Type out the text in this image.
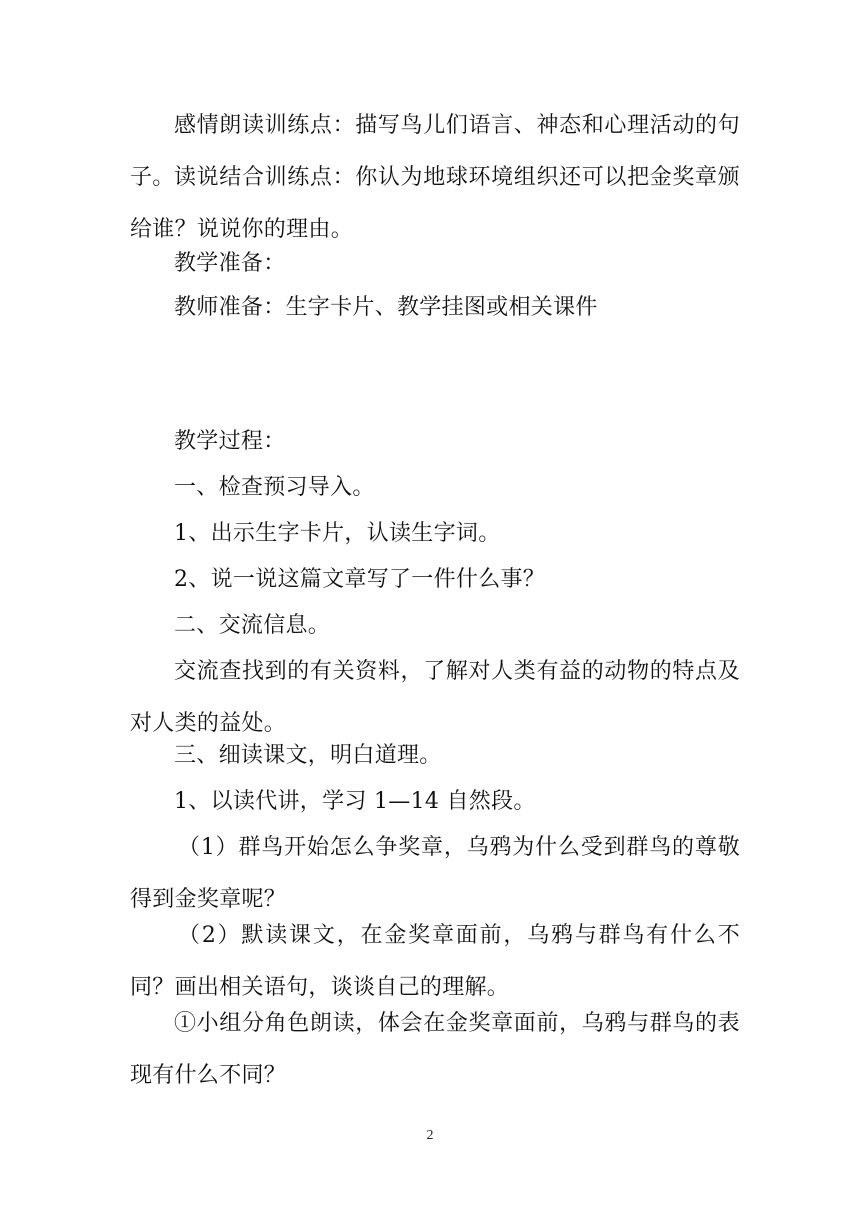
感情朗读训练点：描写鸟儿们语言、神态和心理活动的句子。 读说结合训练点：你认为地球环境组织还可以把金奖章颁给谁？说说你的理由。

教学准备：

教师准备：生字卡片、教学挂图或相关课件

教学过程：

一、检查预习导入。

1、出示生字卡片，认读生字词。

2、说一说这篇文章写了一件什么事？

二、交流信息。

交流查找到的有关资料，了解对人类有益的动物的特点及对人类的益处。

三、细读课文，明白道理。

1、以读代讲，学习 1—14 自然段。

（1）群鸟开始怎么争奖章，乌鸦为什么受到群鸟的尊敬得到金奖章呢？

（2）默读课文，在金奖章面前，乌鸦与群鸟有什么不同？画出相关语句，谈谈自己的理解。

①小组分角色朗读，体会在金奖章面前，乌鸦与群鸟的表现有什么不同？

2
